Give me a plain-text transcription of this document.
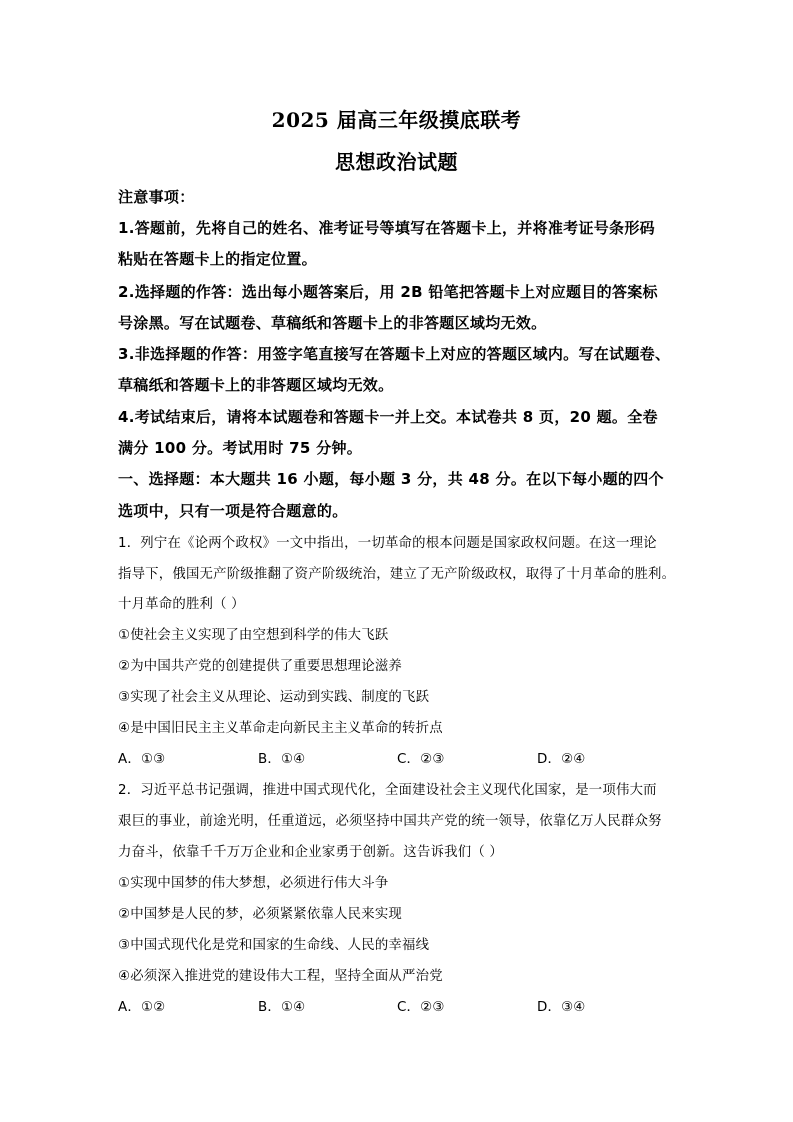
2025 届高三年级摸底联考
思想政治试题
注意事项：
1.答题前，先将自己的姓名、准考证号等填写在答题卡上，并将准考证号条形码
粘贴在答题卡上的指定位置。
2.选择题的作答：选出每小题答案后，用 2B 铅笔把答题卡上对应题目的答案标
号涂黑。写在试题卷、草稿纸和答题卡上的非答题区域均无效。
3.非选择题的作答：用签字笔直接写在答题卡上对应的答题区域内。写在试题卷、
草稿纸和答题卡上的非答题区域均无效。
4.考试结束后，请将本试题卷和答题卡一并上交。本试卷共 8 页，20 题。全卷
满分 100 分。考试用时 75 分钟。
一、选择题：本大题共 16 小题，每小题 3 分，共 48 分。在以下每小题的四个
选项中，只有一项是符合题意的。
1．列宁在《论两个政权》一文中指出，一切革命的根本问题是国家政权问题。在这一理论
指导下，俄国无产阶级推翻了资产阶级统治，建立了无产阶级政权，取得了十月革命的胜利。
十月革命的胜利（ ）
①使社会主义实现了由空想到科学的伟大飞跃
②为中国共产党的创建提供了重要思想理论滋养
③实现了社会主义从理论、运动到实践、制度的飞跃
④是中国旧民主主义革命走向新民主主义革命的转折点
A．①③	B．①④	C．②③	D．②④
2．习近平总书记强调，推进中国式现代化，全面建设社会主义现代化国家，是一项伟大而
艰巨的事业，前途光明，任重道远，必须坚持中国共产党的统一领导，依靠亿万人民群众努
力奋斗，依靠千千万万企业和企业家勇于创新。这告诉我们（ ）
①实现中国梦的伟大梦想，必须进行伟大斗争
②中国梦是人民的梦，必须紧紧依靠人民来实现
③中国式现代化是党和国家的生命线、人民的幸福线
④必须深入推进党的建设伟大工程，坚持全面从严治党
A．①②	B．①④	C．②③	D．③④
